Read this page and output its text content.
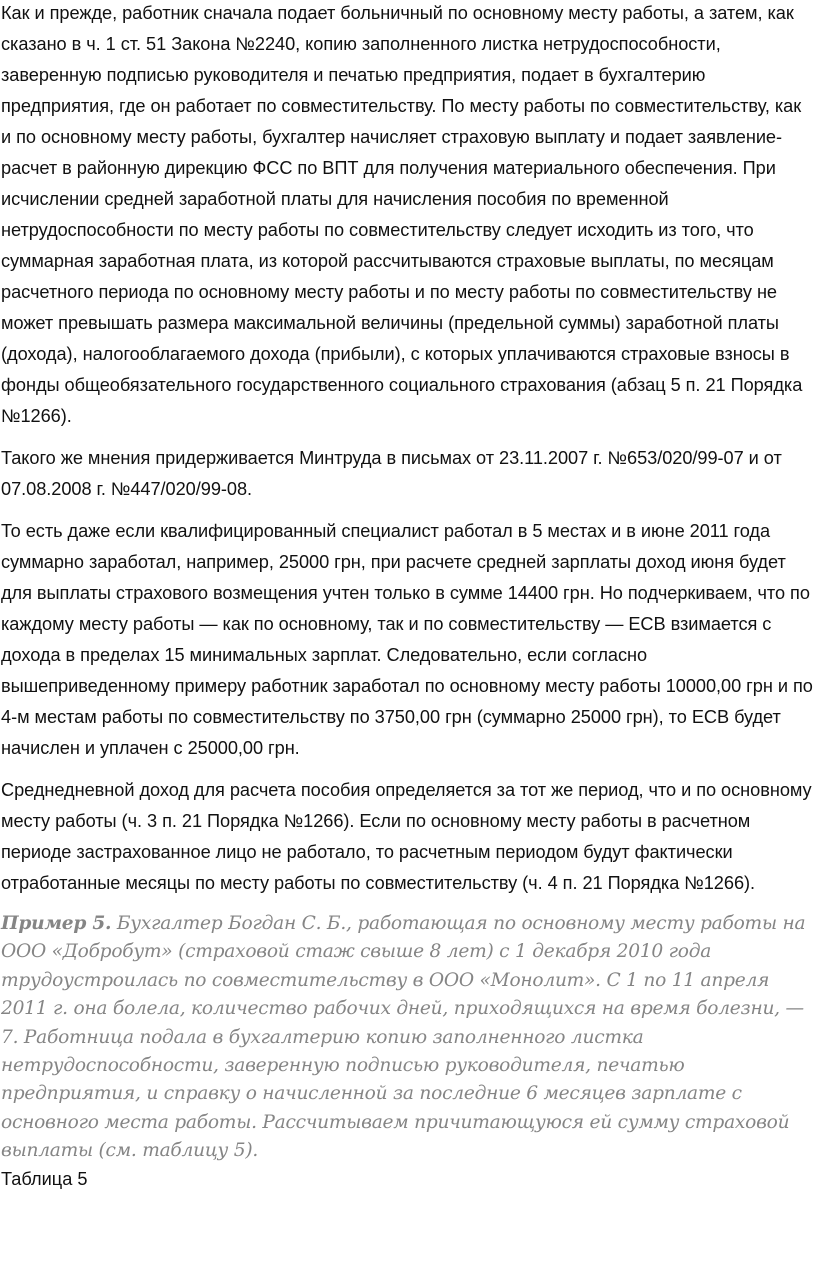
Как и прежде, работник сначала подает больничный по основному месту работы, а затем, как сказано в ч. 1 ст. 51 Закона №2240, копию заполненного листка нетрудоспособности, заверенную подписью руководителя и печатью предприятия, подает в бухгалтерию предприятия, где он работает по совместительству. По месту работы по совместительству, как и по основному месту работы, бухгалтер начисляет страховую выплату и подает заявление-расчет в районную дирекцию ФСС по ВПТ для получения материального обеспечения. При исчислении средней заработной платы для начисления пособия по временной нетрудоспособности по месту работы по совместительству следует исходить из того, что суммарная заработная плата, из которой рассчитываются страховые выплаты, по месяцам расчетного периода по основному месту работы и по месту работы по совместительству не может превышать размера максимальной величины (предельной суммы) заработной платы (дохода), налогооблагаемого дохода (прибыли), с которых уплачиваются страховые взносы в фонды общеобязательного государственного социального страхования (абзац 5 п. 21 Порядка №1266).

Такого же мнения придерживается Минтруда в письмах от 23.11.2007 г. №653/020/99-07 и от 07.08.2008 г. №447/020/99-08.

То есть даже если квалифицированный специалист работал в 5 местах и в июне 2011 года суммарно заработал, например, 25000 грн, при расчете средней зарплаты доход июня будет для выплаты страхового возмещения учтен только в сумме 14400 грн. Но подчеркиваем, что по каждому месту работы — как по основному, так и по совместительству — ЕСВ взимается с дохода в пределах 15 минимальных зарплат. Следовательно, если согласно вышеприведенному примеру работник заработал по основному месту работы 10000,00 грн и по 4-м местам работы по совместительству по 3750,00 грн (суммарно 25000 грн), то ЕСВ будет начислен и уплачен с 25000,00 грн.

Среднедневной доход для расчета пособия определяется за тот же период, что и по основному месту работы (ч. 3 п. 21 Порядка №1266). Если по основному месту работы в расчетном периоде застрахованное лицо не работало, то расчетным периодом будут фактически отработанные месяцы по месту работы по совместительству (ч. 4 п. 21 Порядка №1266).

Пример 5. Бухгалтер Богдан С. Б., работающая по основному месту работы на ООО «Добробут» (страховой стаж свыше 8 лет) с 1 декабря 2010 года трудоустроилась по совместительству в ООО «Монолит». С 1 по 11 апреля 2011 г. она болела, количество рабочих дней, приходящихся на время болезни, — 7. Работница подала в бухгалтерию копию заполненного листка нетрудоспособности, заверенную подписью руководителя, печатью предприятия, и справку о начисленной за последние 6 месяцев зарплате с основного места работы. Рассчитываем причитающуюся ей сумму страховой выплаты (см. таблицу 5).

Таблица 5
